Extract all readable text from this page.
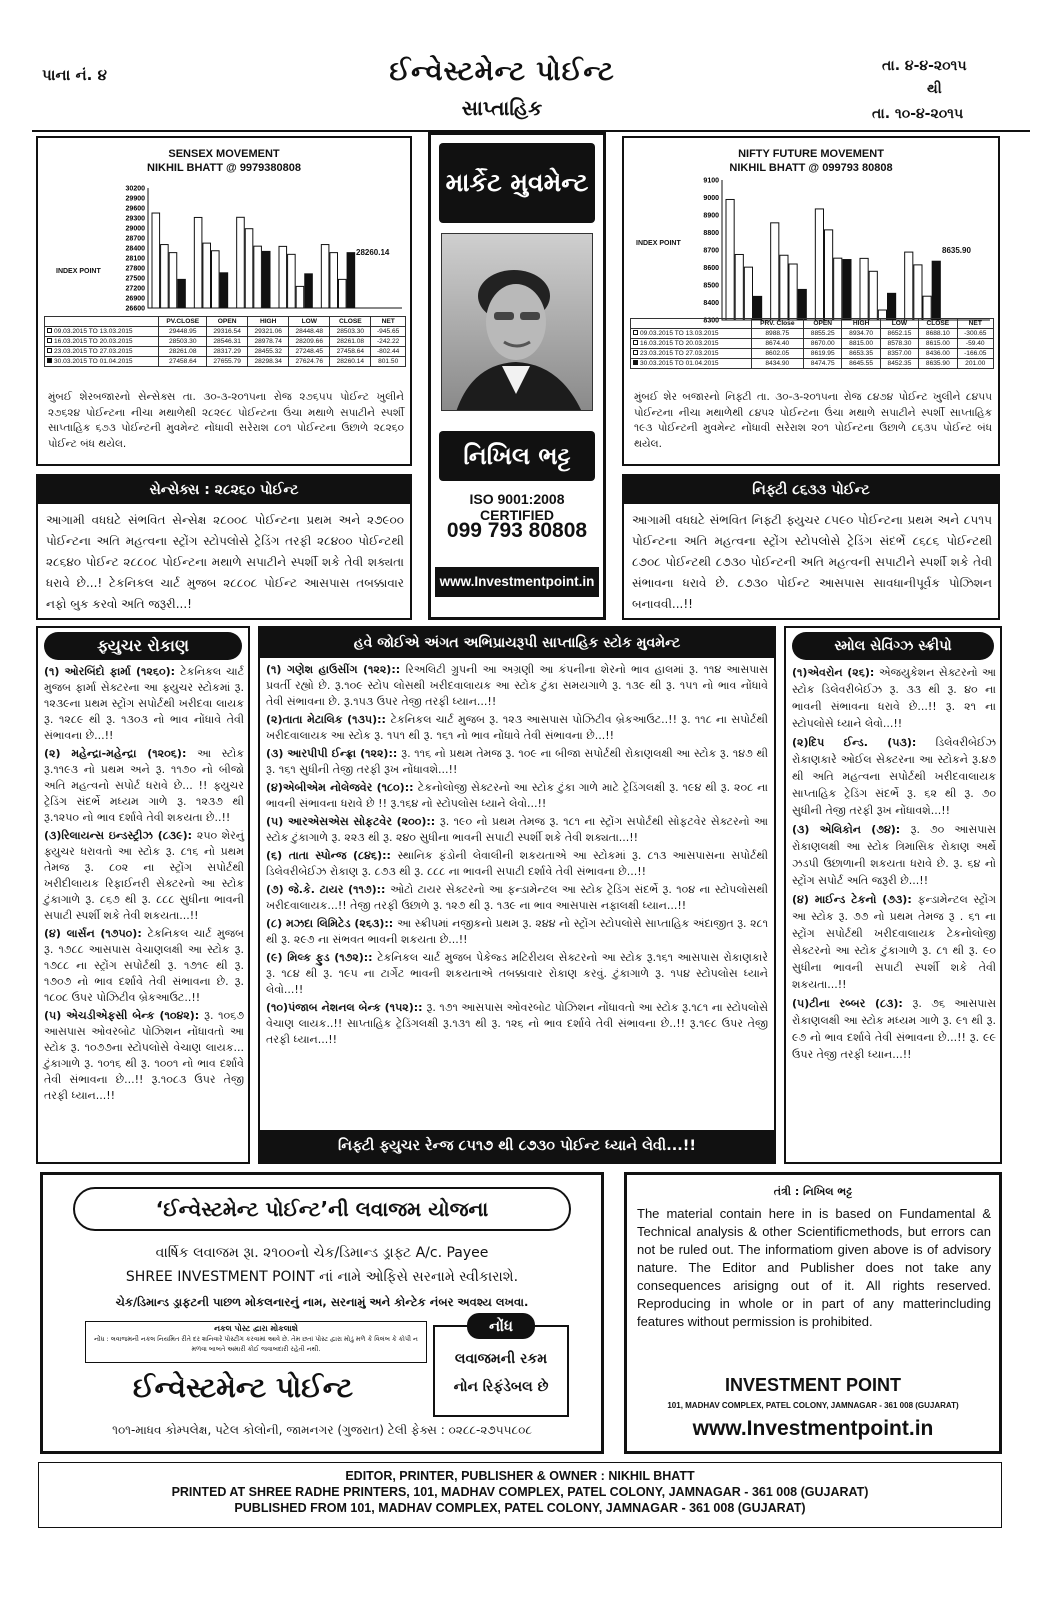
પાના નં. ૪	ઈન્વેસ્ટમેન્ટ પોઈન્ટ
સાપ્તાહિક
તા. ૪-૪-૨૦૧૫
થી
તા. ૧૦-૪-૨૦૧૫
SENSEX MOVEMENT
NIKHIL BHATT @ 9979380808
INDEX POINT
30200
29900
29600
29300
29000
28700
28400
28100
27800
27500
27200
26900
26600
28260.14
	PV.CLOSE	OPEN	HIGH	LOW	CLOSE	NET
09.03.2015 TO 13.03.2015	29448.95	29316.54	29321.06	28448.48	28503.30	-945.65
16.03.2015 TO 20.03.2015	28503.30	28546.31	28978.74	28209.66	28261.08	-242.22
23.03.2015 TO 27.03.2015	28261.08	28317.29	28455.32	27248.45	27458.64	-802.44
30.03.2015 TO 01.04.2015	27458.64	27655.79	28298.34	27624.76	28260.14	801.50
મુંબઈ શેરબજારનો સેન્સેક્સ તા. ૩૦-૩-૨૦૧૫ના રોજ ૨૭૬૫૫ પોઈન્ટ ખુલીને ૨૭૬૨૪ પોઈન્ટના નીચા મથાળેથી ૨૮૨૯૮ પોઈન્ટના ઉંચા મથાળે સપાટીને સ્પર્શી સાપ્તાહિક ૬૭૩ પોઈન્ટની મુવમેન્ટ નોંધાવી સરેરાશ ૮૦૧ પોઈન્ટના ઉછાળે ૨૮૨૬૦ પોઈન્ટ બંધ થયેલ.
માર્કેટ મુવમેન્ટ
નિખિલ ભટ્ટ
ISO 9001:2008 CERTIFIED
099 793 80808
www.Investmentpoint.in
NIFTY FUTURE MOVEMENT
NIKHIL BHATT @ 099793 80808
INDEX POINT
9100
9000
8900
8800
8700
8600
8500
8400
8300
8635.90
	PRV. Close	OPEN	HIGH	LOW	CLOSE	NET
09.03.2015 TO 13.03.2015	8988.75	8855.25	8934.70	8652.15	8688.10	-300.65
16.03.2015 TO 20.03.2015	8674.40	8670.00	8815.00	8578.30	8615.00	-59.40
23.03.2015 TO 27.03.2015	8602.05	8619.95	8653.35	8357.00	8436.00	-166.05
30.03.2015 TO 01.04.2015	8434.90	8474.75	8645.55	8452.35	8635.90	201.00
મુંબઈ શેર બજારનો નિફ્ટી તા. ૩૦-૩-૨૦૧૫ના રોજ ૮૪૭૪ પોઈન્ટ ખુલીને ૮૪૫૫ પોઈન્ટના નીચા મથાળેથી ૮૪૫૨ પોઈન્ટના ઉંચા મથાળે સપાટીને સ્પર્શી સાપ્તાહિક ૧૯૩ પોઈન્ટની મુવમેન્ટ નોંધાવી સરેરાશ ૨૦૧ પોઈન્ટના ઉછાળે ૮૬૩૫ પોઈન્ટ બંધ થયેલ.
સેન્સેક્સ : ૨૮૨૬૦ પોઈન્ટ
આગામી વધઘટે સંભવિત સેન્સેક્ષ ૨૮૦૦૮ પોઈન્ટના પ્રથમ અને ૨૭૯૦૦ પોઈન્ટના અતિ મહત્વના સ્ટ્રોંગ સ્ટોપલોસે ટ્રેડિંગ તરફી ૨૮૪૦૦ પોઈન્ટથી ૨૮૬૪૦ પોઈન્ટ ૨૮૮૦૮ પોઈન્ટના મથાળે સપાટીને સ્પર્શી શકે તેવી શક્યતા ધરાવે છે...! ટેકનિકલ ચાર્ટ મુજબ ૨૮૮૦૮ પોઈન્ટ આસપાસ તબક્કાવાર નફો બુક કરવો અતિ જરૂરી...!
નિફ્ટી ૮૬૩૩ પોઈન્ટ
આગામી વધઘટે સંભવિત નિફ્ટી ફ્યુચર ૮૫૯૦ પોઈન્ટના પ્રથમ અને ૮૫૧૫ પોઈન્ટના અતિ મહત્વના સ્ટ્રોંગ સ્ટોપલોસે ટ્રેડિંગ સંદર્ભે ૮૬૮૬ પોઈન્ટથી ૮૭૦૮ પોઈન્ટથી ૮૭૩૦ પોઈન્ટની અતિ મહત્વની સપાટીને સ્પર્શી શકે તેવી સંભાવના ધરાવે છે. ૮૭૩૦ પોઈન્ટ આસપાસ સાવધાનીપૂર્વક પોઝિશન બનાવવી...!!
ફ્યુચર રોકાણ
(૧) ઓરબિંદો ફાર્મા (૧૨૬૦): ટેકનિકલ ચાર્ટ મુજબ ફાર્મા સેક્ટરના આ ફ્યુચર સ્ટોકમાં રૂ. ૧૨૩૯ના પ્રથમ સ્ટ્રોંગ સપોર્ટથી ખરીદવા લાયક રૂ. ૧૨૮૯ થી રૂ. ૧૩૦૩ નો ભાવ નોંધાવે તેવી સંભાવના છે...!!
(૨) મહેન્દ્રા-મહેન્દ્રા (૧૨૦૬): આ સ્ટોક રૂ.૧૧૯૩ નો પ્રથમ અને રૂ. ૧૧૭૦ નો બીજો અતિ મહત્વનો સપોર્ટ ધરાવે છે... !! ફ્યુચર ટ્રેડિંગ સંદર્ભે મધ્યમ ગાળે રૂ. ૧૨૩૭ થી રૂ.૧૨૫૦ નો ભાવ દર્શાવે તેવી શકયતા છે..!!
(૩)રિલાયન્સ ઇન્ડસ્ટ્રીઝ (૮૩૯): ૨૫૦ શેરનું ફ્યુચર ધરાવતો આ સ્ટોક રૂ. ૮૧૬ નો પ્રથમ તેમજ રૂ. ૮૦૨ ના સ્ટ્રોંગ સપોર્ટથી ખરીદીલાયક રિફાઈનરી સેક્ટરનો આ સ્ટોક ટુંકાગાળે રૂ. ૮૬૭ થી રૂ. ૮૮૮ સુધીના ભાવની સપાટી સ્પર્શી શકે તેવી શકયતા...!!
(૪) લાર્સન (૧૭૫૦): ટેકનિકલ ચાર્ટ મુજબ રૂ. ૧૭૮૮ આસપાસ વેચાણલક્ષી આ સ્ટોક રૂ. ૧૭૮૮ ના સ્ટ્રોંગ સપોર્ટથી રૂ. ૧૭૧૯ થી રૂ. ૧૭૦૭ નો ભાવ દર્શાવે તેવી સંભાવના છે. રૂ. ૧૮૦૮ ઉપર પોઝિટીવ બ્રેકઆઉટ..!!
(૫) એચડીએફસી બેન્ક (૧૦૪૨): રૂ. ૧૦૬૭ આસપાસ ઓવરબોટ પોઝિશન નોંધાવતો આ સ્ટોક રૂ. ૧૦૭૭ના સ્ટોપલોસે વેચાણ લાયક... ટુંકાગાળે રૂ. ૧૦૧૬ થી રૂ. ૧૦૦૧ નો ભાવ દર્શાવે તેવી સંભાવના છે...!! રૂ.૧૦૮૩ ઉપર તેજી તરફી ધ્યાન...!!
હવે જોઈએ અંગત અભિપ્રાયરૂપી સાપ્તાહિક સ્ટોક મુવમેન્ટ
(૧) ગણેશ હાઉસીંગ (૧૨૨):: રિઅલિટી ગ્રુપની આ અગ્રણી આ કંપનીના શેરનો ભાવ હાલમાં રૂ. ૧૧૪ આસપાસ પ્રવર્તી રહ્યો છે. રૂ.૧૦૯ સ્ટોપ લોસથી ખરીદવાલાયક આ સ્ટોક ટુંકા સમયગાળે રૂ. ૧૩૯ થી રૂ. ૧૫૧ નો ભાવ નોંધાવે તેવી સંભાવના છે. રૂ.૧૫૩ ઉપર તેજી તરફી ધ્યાન...!!
(૨)તાતા મેટાલિક (૧૩૫):: ટેકનિકલ ચાર્ટ મુજબ રૂ. ૧૨૩ આસપાસ પોઝિટીવ બ્રેકઆઉટ..!! રૂ. ૧૧૮ ના સપોર્ટથી ખરીદવાલાયક આ સ્ટોક રૂ. ૧૫૧ થી રૂ. ૧૬૧ નો ભાવ નોંધાવે તેવી સંભાવના છે...!!
(૩) આરપીપી ઈન્ફ્રા (૧૨૨):: રૂ. ૧૧૬ નો પ્રથમ તેમજ રૂ. ૧૦૯ ના બીજા સપોર્ટથી રોકાણલક્ષી આ સ્ટોક રૂ. ૧૪૭ થી રૂ. ૧૬૧ સુધીની તેજી તરફી રૂખ નોંધાવશે...!!
(૪)એબીએમ નોલેજવેર (૧૮૦):: ટેકનોલોજી સેક્ટરનો આ સ્ટોક ટુંકા ગાળે માટે ટ્રેડિંગલક્ષી રૂ. ૧૯૪ થી રૂ. ૨૦૮ ના ભાવની સંભાવના ધરાવે છે !! રૂ.૧૬૪ નો સ્ટોપલોસ ધ્યાને લેવો...!!
(૫) આરએસએસ સોફટવેર (૨૦૦):: રૂ. ૧૯૦ નો પ્રથમ તેમજ રૂ. ૧૮૧ ના સ્ટ્રોંગ સપોર્ટથી સોફટવેર સેક્ટરનો આ સ્ટોક ટુંકાગાળે રૂ. ૨૨૩ થી રૂ. ૨૪૦ સુધીના ભાવની સપાટી સ્પર્શી શકે તેવી શક્યતા...!!
(૬) તાતા સ્પોન્જ (૮૪૬):: સ્થાનિક ફંડોની લેવાલીની શકયતાએ આ સ્ટોકમાં રૂ. ૮૧૩ આસપાસના સપોર્ટથી ડિલેવરીબેઈઝ રોકાણ રૂ. ૮૭૩ થી રૂ. ૮૮૮ ના ભાવની સપાટી દર્શાવે તેવી સંભાવના છે...!!
(૭) જે.કે. ટાયર (૧૧૭):: ઓટો ટાયર સેક્ટરનો આ ફન્ડામેન્ટલ આ સ્ટોક ટ્રેડિંગ સંદર્ભે રૂ. ૧૦૪ ના સ્ટોપલોસથી ખરીદવાલાયક...!! તેજી તરફી ઉછાળે રૂ. ૧૨૭ થી રૂ. ૧૩૯ ના ભાવ આસપાસ નફાલક્ષી ધ્યાન...!!
(૮) મઝદા લિમિટેડ (૨૬૩):: આ સ્ક્રીપમાં નજીકનો પ્રથમ રૂ. ૨૪૪ નો સ્ટ્રોંગ સ્ટોપલોસે સાપ્તાહિક અંદાજીત રૂ. ૨૮૧ થી રૂ. ૨૯૭ ના સંભવત ભાવની શકયતા છે...!!
(૯) મિલ્ક ફુડ (૧૭૨):: ટેકનિકલ ચાર્ટ મુજબ પેકેજ્ડ મટિરીયલ સેક્ટરનો આ સ્ટોક રૂ.૧૬૧ આસપાસ રોકાણકારે રૂ. ૧૮૪ થી રૂ. ૧૯૫ ના ટાર્ગેટ ભાવની શકયતાએ તબક્કાવાર રોકાણ કરવું. ટુંકાગાળે રૂ. ૧૫૪ સ્ટોપલોસ ધ્યાને લેવો...!!
(૧૦)પંજાબ નેશનલ બેન્ક (૧૫૨):: રૂ. ૧૭૧ આસપાસ ઓવરબોટ પોઝિશન નોંધાવતો આ સ્ટોક રૂ.૧૮૧ ના સ્ટોપલોસે વેચાણ લાયક..!! સાપ્તાહિક ટ્રેડિંગલક્ષી રૂ.૧૩૧ થી રૂ. ૧૨૬ નો ભાવ દર્શાવે તેવી સંભાવના છે..!! રૂ.૧૯૮ ઉપર તેજી તરફી ધ્યાન...!!
નિફ્ટી ફ્યુચર રેન્જ ૮૫૧૭ થી ૮૭૩૦ પોઈન્ટ ધ્યાને લેવી...!!
સ્મોલ સેવિંગ્ઝ સ્ક્રીપો
(૧)એવરોન (૨૬): એજયુકેશન સેક્ટરનો આ સ્ટોક ડિલેવરીબેઈઝ રૂ. ૩૩ થી રૂ. ૪૦ ના ભાવની સંભાવના ધરાવે છે...!! રૂ. ૨૧ ના સ્ટોપલોસે ધ્યાને લેવો...!!
(૨)દિપ ઈન્ડ. (૫૩): ડિલેવરીબેઈઝ રોકાણકારે ઓઈલ સેક્ટરના આ સ્ટોકને રૂ.૪૭ થી અતિ મહત્વના સપોર્ટથી ખરીદવાલાયક સાપ્તાહિક ટ્રેડિંગ સંદર્ભે રૂ. ૬૨ થી રૂ. ૭૦ સુધીની તેજી તરફી રૂખ નોંધાવશે...!!
(૩) એલિકોન (૭૪): રૂ. ૭૦ આસપાસ રોકાણલક્ષી આ સ્ટોક ત્રિમાસિક રોકાણ અર્થે ઝડપી ઉછાળાની શકયતા ધરાવે છે. રૂ. ૬૪ નો સ્ટ્રોંગ સપોર્ટ અતિ જરૂરી છે...!!
(૪) માઈન્ડ ટેકનો (૭૩): ફન્ડામેન્ટલ સ્ટ્રોંગ આ સ્ટોક રૂ. ૭૭ નો પ્રથમ તેમજ રૂ . ૬૧ ના સ્ટ્રોંગ સપોર્ટથી ખરીદવાલાયક ટેકનોલોજી સેક્ટરનો આ સ્ટોક ટુંકાગાળે રૂ. ૮૧ થી રૂ. ૯૦ સુધીના ભાવની સપાટી સ્પર્શી શકે તેવી શકયતા...!!
(૫)ટીના રબ્બર (૮૩): રૂ. ૭૬ આસપાસ રોકાણલક્ષી આ સ્ટોક મધ્યમ ગાળે રૂ. ૯૧ થી રૂ. ૯૭ નો ભાવ દર્શાવે તેવી સંભાવના છે...!! રૂ. ૯૯ ઉપર તેજી તરફી ધ્યાન...!!
‘ઈન્વેસ્ટમેન્ટ પોઈન્ટ’ની લવાજમ યોજના
વાર્ષિક લવાજમ રૂા. ૨૧૦૦નો ચેક/ડિમાન્ડ ડ્રાફ્ટ A/c. Payee
SHREE INVESTMENT POINT નાં નામે ઓફિસે સરનામે સ્વીકારાશે.
ચેક/ડિમાન્ડ ડ્રાફટની પાછળ મોકલનારનું નામ, સરનામું અને કોન્ટેક નંબર અવશ્ય લખવા.
નકલ પોસ્ટ દ્વારા મોકલાશે
નોંધ : લવાજમની નકલ નિયમિત રીતે દર શનિવારે પોસ્ટીંગ કરવામાં આવે છે. તેમ છતાં પોસ્ટ દ્વારા મોડું મળે કે વિલંબ કે કોપી ન મળવા બાબતે અમારી કોઈ જવાબદારી રહેતી નથી.
નોંધ
લવાજમની રકમ
નોન રિફંડેબલ છે
ઈન્વેસ્ટમેન્ટ પોઈન્ટ
૧૦૧-માધવ કોમ્પલેક્ષ, પટેલ કોલોની, જામનગર (ગુજરાત) ટેલી ફેક્સ : ૦૨૮૮-૨૭૫૫૮૦૮
તંત્રી : નિખિલ ભટ્ટ
The material contain here in is based on Fundamental & Technical analysis & other Scientificmethods, but errors can not be ruled out. The informatiom given above is of advisory nature. The Editor and Publisher does not take any consequences arisigng out of it. All rights reserved. Reproducing in whole or in part of any matterincluding features without permission is prohibited.
INVESTMENT POINT
101, MADHAV COMPLEX, PATEL COLONY, JAMNAGAR - 361 008 (GUJARAT)
www.Investmentpoint.in
EDITOR, PRINTER, PUBLISHER & OWNER : NIKHIL BHATT
PRINTED AT SHREE RADHE PRINTERS, 101, MADHAV COMPLEX, PATEL COLONY, JAMNAGAR - 361 008 (GUJARAT)
PUBLISHED FROM 101, MADHAV COMPLEX, PATEL COLONY, JAMNAGAR - 361 008 (GUJARAT)
